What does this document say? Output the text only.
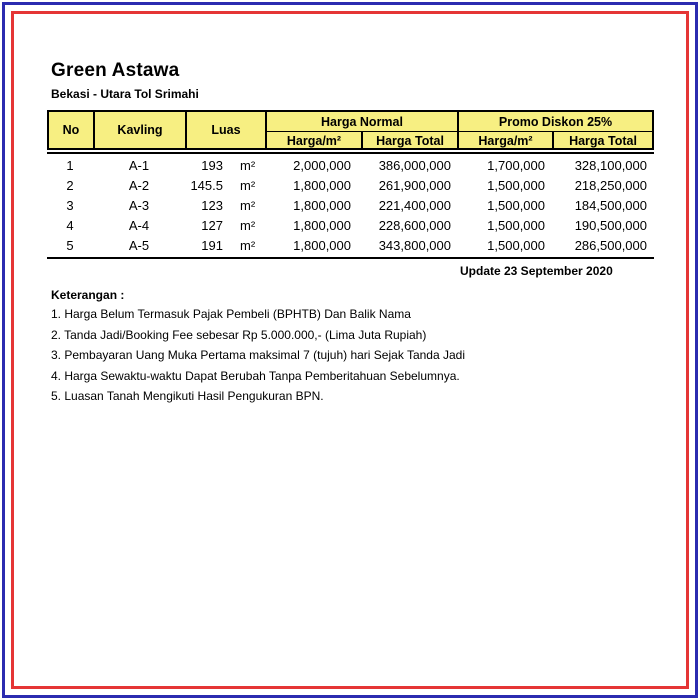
Green Astawa
Bekasi - Utara Tol Srimahi
No	Kavling	Luas
Harga Normal	Promo Diskon 25%
Harga/m²	Harga Total	Harga/m²	Harga Total
1	A-1	193 m²	2,000,000	386,000,000	1,700,000	328,100,000
2	A-2	145.5 m²	1,800,000	261,900,000	1,500,000	218,250,000
3	A-3	123 m²	1,800,000	221,400,000	1,500,000	184,500,000
4	A-4	127 m²	1,800,000	228,600,000	1,500,000	190,500,000
5	A-5	191 m²	1,800,000	343,800,000	1,500,000	286,500,000
Update 23 September 2020
Keterangan :
1. Harga Belum Termasuk Pajak Pembeli (BPHTB) Dan Balik Nama
2. Tanda Jadi/Booking Fee sebesar Rp 5.000.000,- (Lima Juta Rupiah)
3. Pembayaran Uang Muka Pertama maksimal 7 (tujuh) hari Sejak Tanda Jadi
4. Harga Sewaktu-waktu Dapat Berubah Tanpa Pemberitahuan Sebelumnya.
5. Luasan Tanah Mengikuti Hasil Pengukuran BPN.
